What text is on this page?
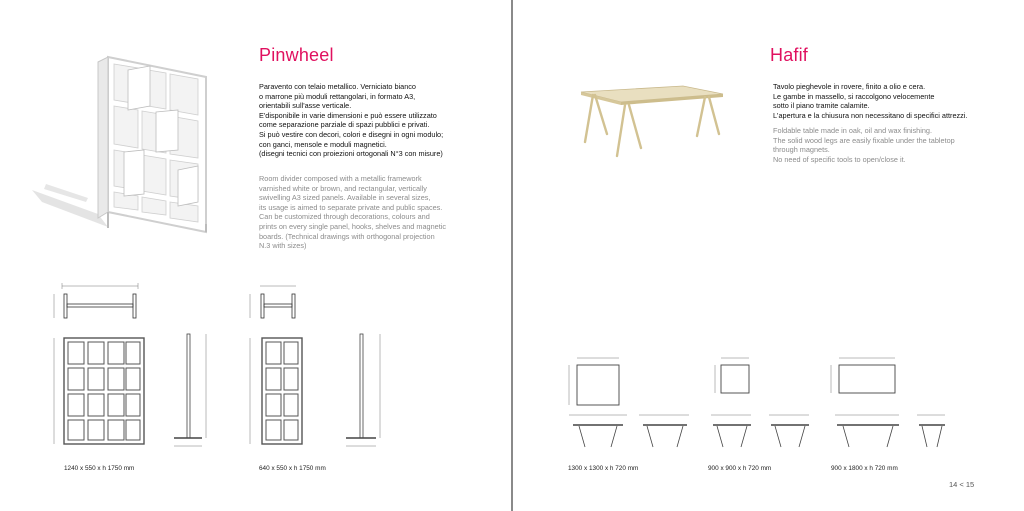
Pinwheel
Paravento con telaio metallico. Verniciato bianco
o marrone più moduli rettangolari, in formato A3,
orientabili sull'asse verticale.
E'disponibile in varie dimensioni e può essere utilizzato
come separazione parziale di spazi pubblici e privati.
Si può vestire con decori, colori e disegni in ogni modulo;
con ganci, mensole e moduli magnetici.
(disegni tecnici con proiezioni ortogonali N°3 con misure)
Room divider composed with a metallic framework
varnished white or brown, and rectangular, vertically
swivelling A3 sized panels. Available in several sizes,
its usage is aimed to separate private and public spaces.
Can be customized through decorations, colours and
prints on every single panel, hooks, shelves and magnetic
boards. (Technical drawings with orthogonal projection
N.3 with sizes)
1240 x 550 x h 1750 mm	640 x 550 x h 1750 mm
Hafif
Tavolo pieghevole in rovere, finito a olio e cera.
Le gambe in massello, si raccolgono velocemente
sotto il piano tramite calamite.
L'apertura e la chiusura non necessitano di specifici attrezzi.
Foldable table made in oak, oil and wax finishing.
The solid wood legs are easily fixable under the tabletop
through magnets.
No need of specific tools to open/close it.
1300 x 1300 x h 720 mm	900 x 900 x h 720 mm	900 x 1800 x h 720 mm
14 < 15
